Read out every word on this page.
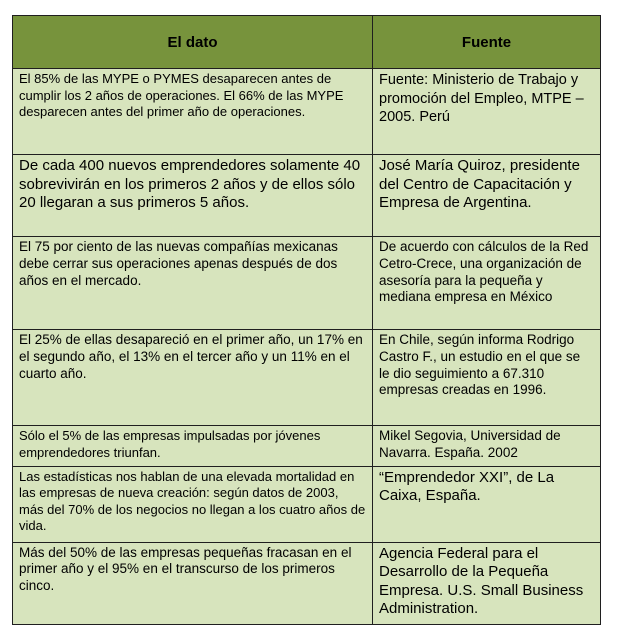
El dato	Fuente
El 85% de las MYPE o PYMES desaparecen antes de cumplir los 2 años de operaciones. El 66% de las MYPE desparecen antes del primer año de operaciones.	Fuente: Ministerio de Trabajo y promoción del Empleo, MTPE – 2005. Perú
De cada 400 nuevos emprendedores solamente 40 sobrevivirán en los primeros 2 años y de ellos sólo 20 llegaran a sus primeros 5 años.	José María Quiroz, presidente del Centro de Capacitación y Empresa de Argentina.
El 75 por ciento de las nuevas compañías mexicanas debe cerrar sus operaciones apenas después de dos años en el mercado.	De acuerdo con cálculos de la Red Cetro-Crece, una organización de asesoría para la pequeña y mediana empresa en México
El 25% de ellas desapareció en el primer año, un 17% en el segundo año, el 13% en el tercer año y un 11% en el cuarto año.	En Chile, según informa Rodrigo Castro F., un estudio en el que se le dio seguimiento a 67.310 empresas creadas en 1996.
Sólo el 5% de las empresas impulsadas por jóvenes emprendedores triunfan.	Mikel Segovia, Universidad de Navarra. España. 2002
Las estadísticas nos hablan de una elevada mortalidad en las empresas de nueva creación: según datos de 2003, más del 70% de los negocios no llegan a los cuatro años de vida.	“Emprendedor XXI”, de La Caixa, España.
Más del 50% de las empresas pequeñas fracasan en el primer año y el 95% en el transcurso de los primeros cinco.	Agencia Federal para el Desarrollo de la Pequeña Empresa. U.S. Small Business Administration.
